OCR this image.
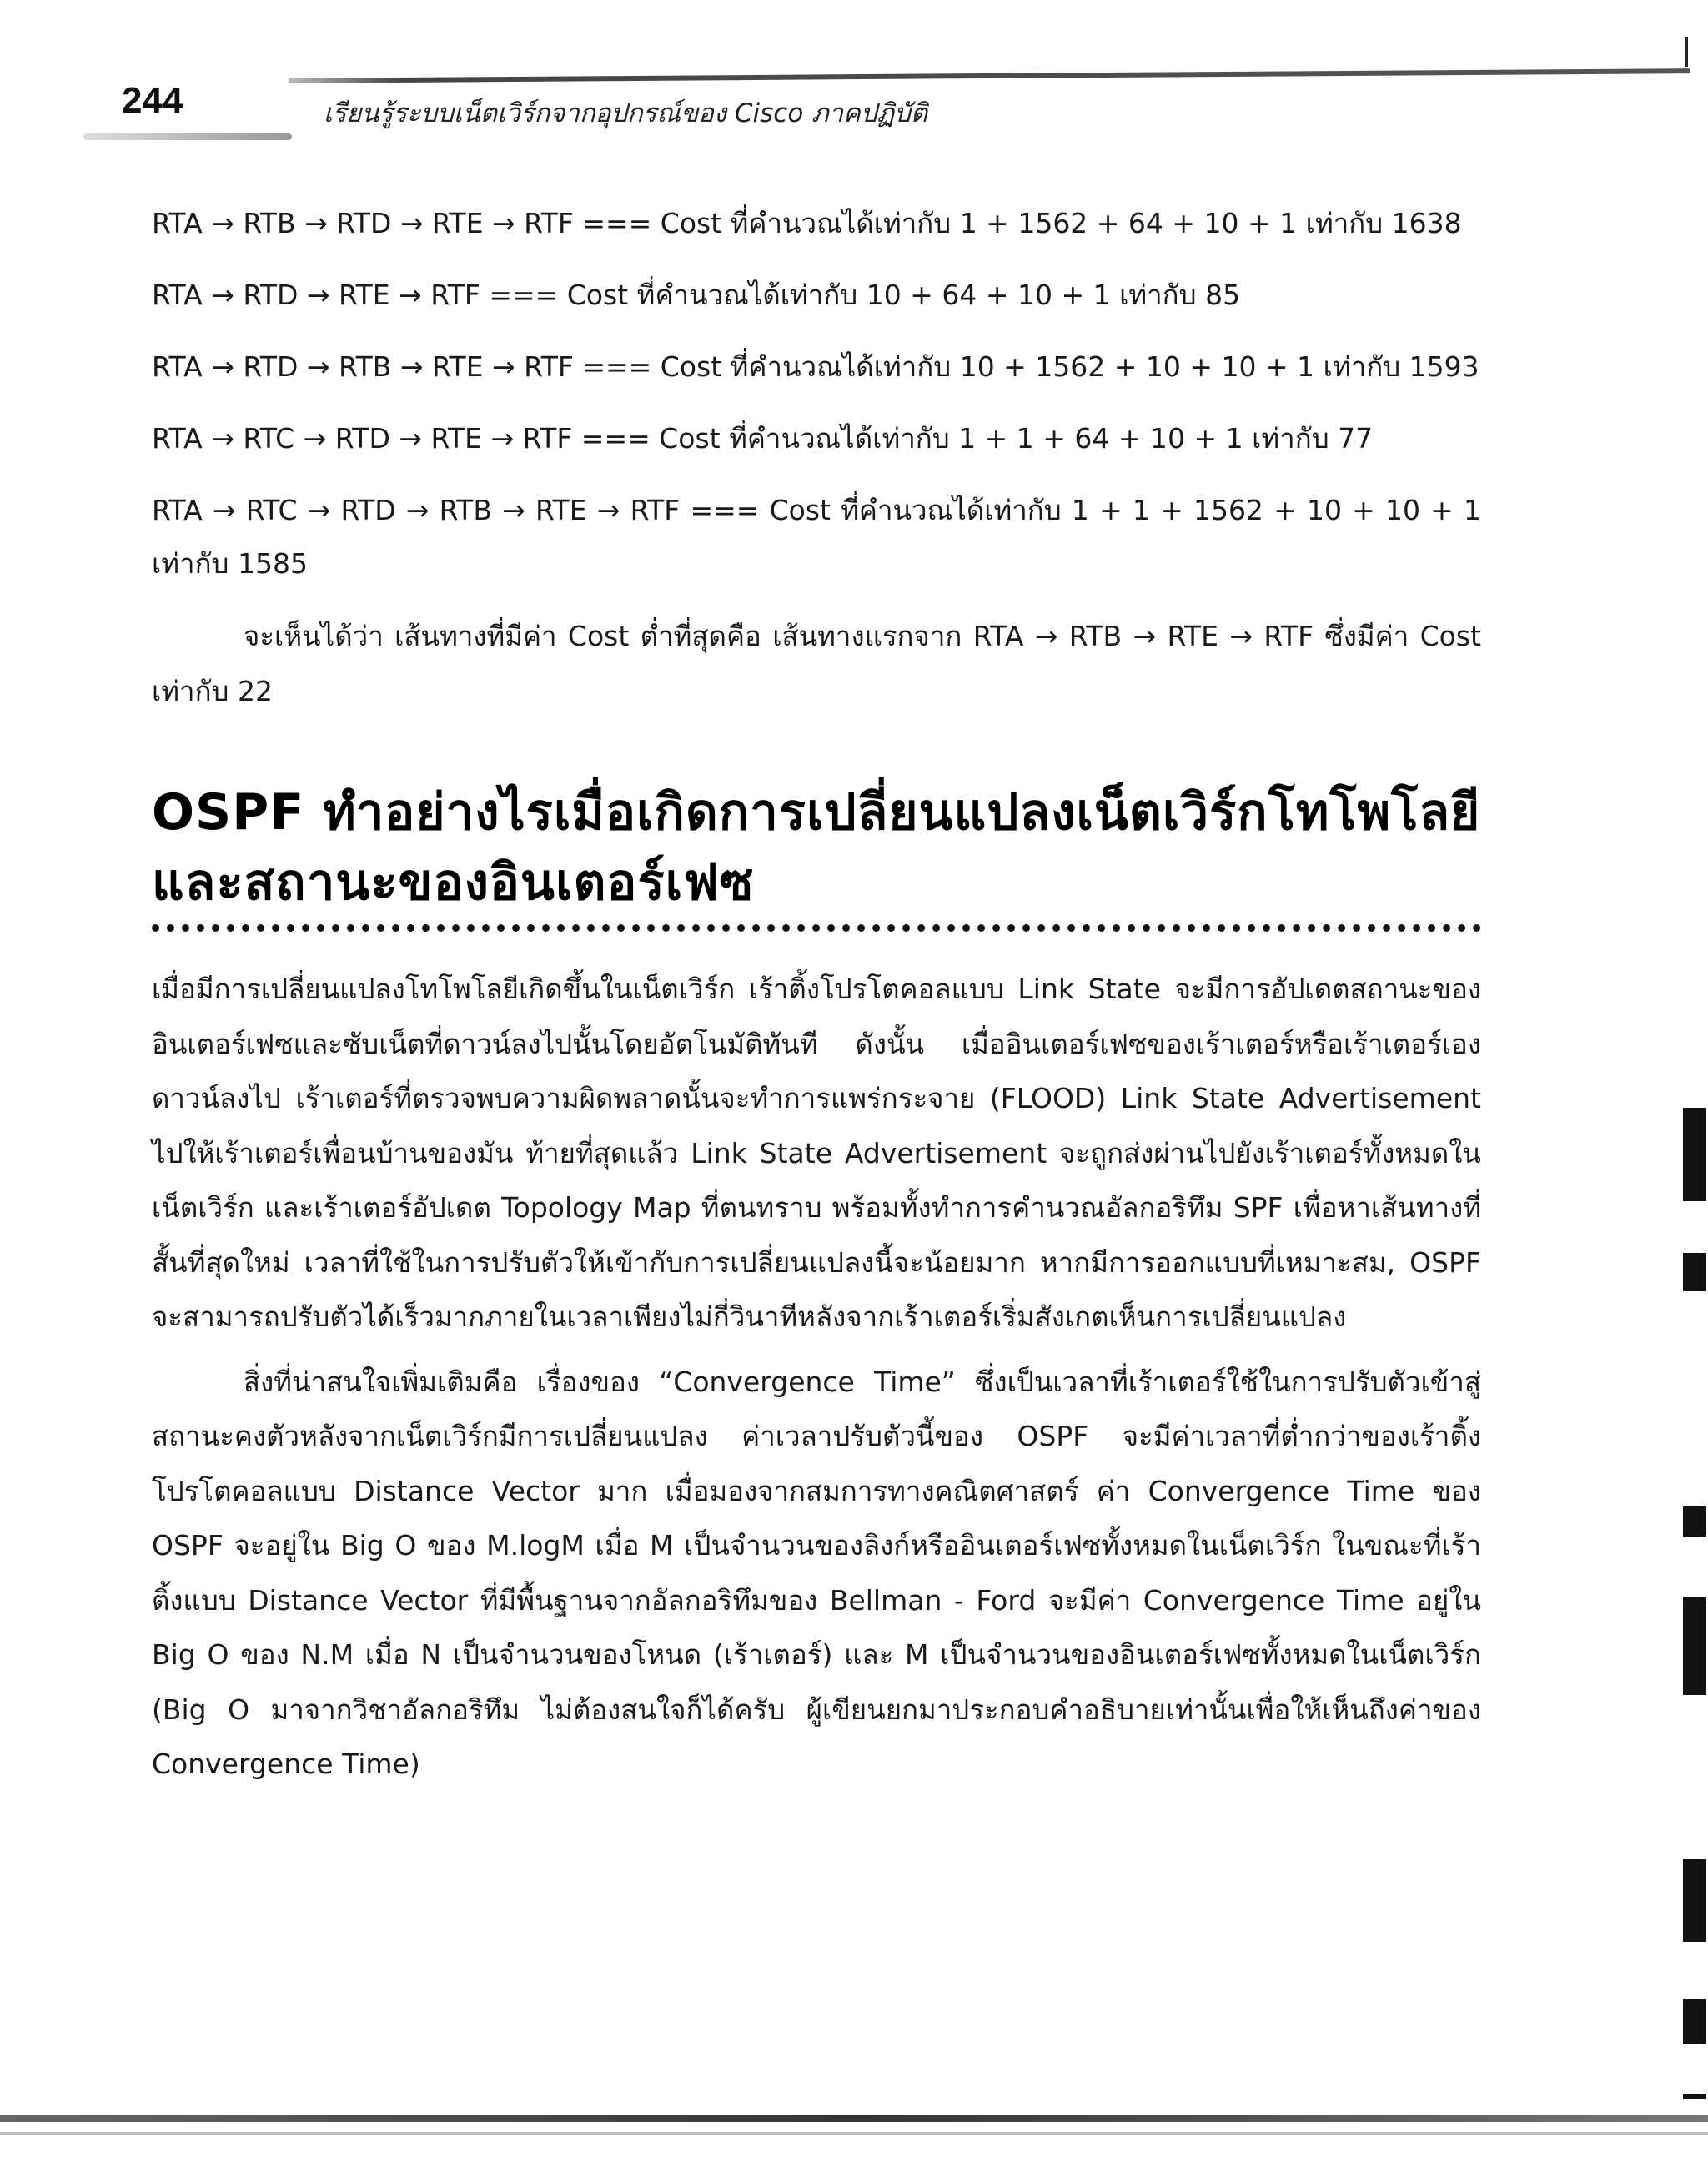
244	เรียนรู้ระบบเน็ตเวิร์กจากอุปกรณ์ของ Cisco ภาคปฏิบัติ

RTA → RTB → RTD → RTE → RTF === Cost ที่คำนวณได้เท่ากับ 1 + 1562 + 64 + 10 + 1 เท่ากับ 1638

RTA → RTD → RTE → RTF === Cost ที่คำนวณได้เท่ากับ 10 + 64 + 10 + 1 เท่ากับ 85

RTA → RTD → RTB → RTE → RTF === Cost ที่คำนวณได้เท่ากับ 10 + 1562 + 10 + 10 + 1 เท่ากับ 1593

RTA → RTC → RTD → RTE → RTF === Cost ที่คำนวณได้เท่ากับ 1 + 1 + 64 + 10 + 1 เท่ากับ 77

RTA → RTC → RTD → RTB → RTE → RTF === Cost ที่คำนวณได้เท่ากับ 1 + 1 + 1562 + 10 + 10 + 1 เท่ากับ 1585

จะเห็นได้ว่า เส้นทางที่มีค่า Cost ต่ำที่สุดคือ เส้นทางแรกจาก RTA → RTB → RTE → RTF ซึ่งมีค่า Cost เท่ากับ 22

OSPF ทำอย่างไรเมื่อเกิดการเปลี่ยนแปลงเน็ตเวิร์กโทโพโลยี
และสถานะของอินเตอร์เฟซ

เมื่อมีการเปลี่ยนแปลงโทโพโลยีเกิดขึ้นในเน็ตเวิร์ก เร้าติ้งโปรโตคอลแบบ Link State จะมีการอัปเดตสถานะของอินเตอร์เฟซและซับเน็ตที่ดาวน์ลงไปนั้นโดยอัตโนมัติทันที ดังนั้น เมื่ออินเตอร์เฟซของเร้าเตอร์หรือเร้าเตอร์เองดาวน์ลงไป เร้าเตอร์ที่ตรวจพบความผิดพลาดนั้นจะทำการแพร่กระจาย (FLOOD) Link State Advertisement ไปให้เร้าเตอร์เพื่อนบ้านของมัน ท้ายที่สุดแล้ว Link State Advertisement จะถูกส่งผ่านไปยังเร้าเตอร์ทั้งหมดในเน็ตเวิร์ก และเร้าเตอร์อัปเดต Topology Map ที่ตนทราบ พร้อมทั้งทำการคำนวณอัลกอริทึม SPF เพื่อหาเส้นทางที่สั้นที่สุดใหม่ เวลาที่ใช้ในการปรับตัวให้เข้ากับการเปลี่ยนแปลงนี้จะน้อยมาก หากมีการออกแบบที่เหมาะสม, OSPF จะสามารถปรับตัวได้เร็วมากภายในเวลาเพียงไม่กี่วินาทีหลังจากเร้าเตอร์เริ่มสังเกตเห็นการเปลี่ยนแปลง

สิ่งที่น่าสนใจเพิ่มเติมคือ เรื่องของ “Convergence Time” ซึ่งเป็นเวลาที่เร้าเตอร์ใช้ในการปรับตัวเข้าสู่สถานะคงตัวหลังจากเน็ตเวิร์กมีการเปลี่ยนแปลง ค่าเวลาปรับตัวนี้ของ OSPF จะมีค่าเวลาที่ต่ำกว่าของเร้าติ้งโปรโตคอลแบบ Distance Vector มาก เมื่อมองจากสมการทางคณิตศาสตร์ ค่า Convergence Time ของ OSPF จะอยู่ใน Big O ของ M.logM เมื่อ M เป็นจำนวนของลิงก์หรืออินเตอร์เฟซทั้งหมดในเน็ตเวิร์ก ในขณะที่เร้าติ้งแบบ Distance Vector ที่มีพื้นฐานจากอัลกอริทึมของ Bellman - Ford จะมีค่า Convergence Time อยู่ใน Big O ของ N.M เมื่อ N เป็นจำนวนของโหนด (เร้าเตอร์) และ M เป็นจำนวนของอินเตอร์เฟซทั้งหมดในเน็ตเวิร์ก (Big O มาจากวิชาอัลกอริทึม ไม่ต้องสนใจก็ได้ครับ ผู้เขียนยกมาประกอบคำอธิบายเท่านั้นเพื่อให้เห็นถึงค่าของ Convergence Time)
